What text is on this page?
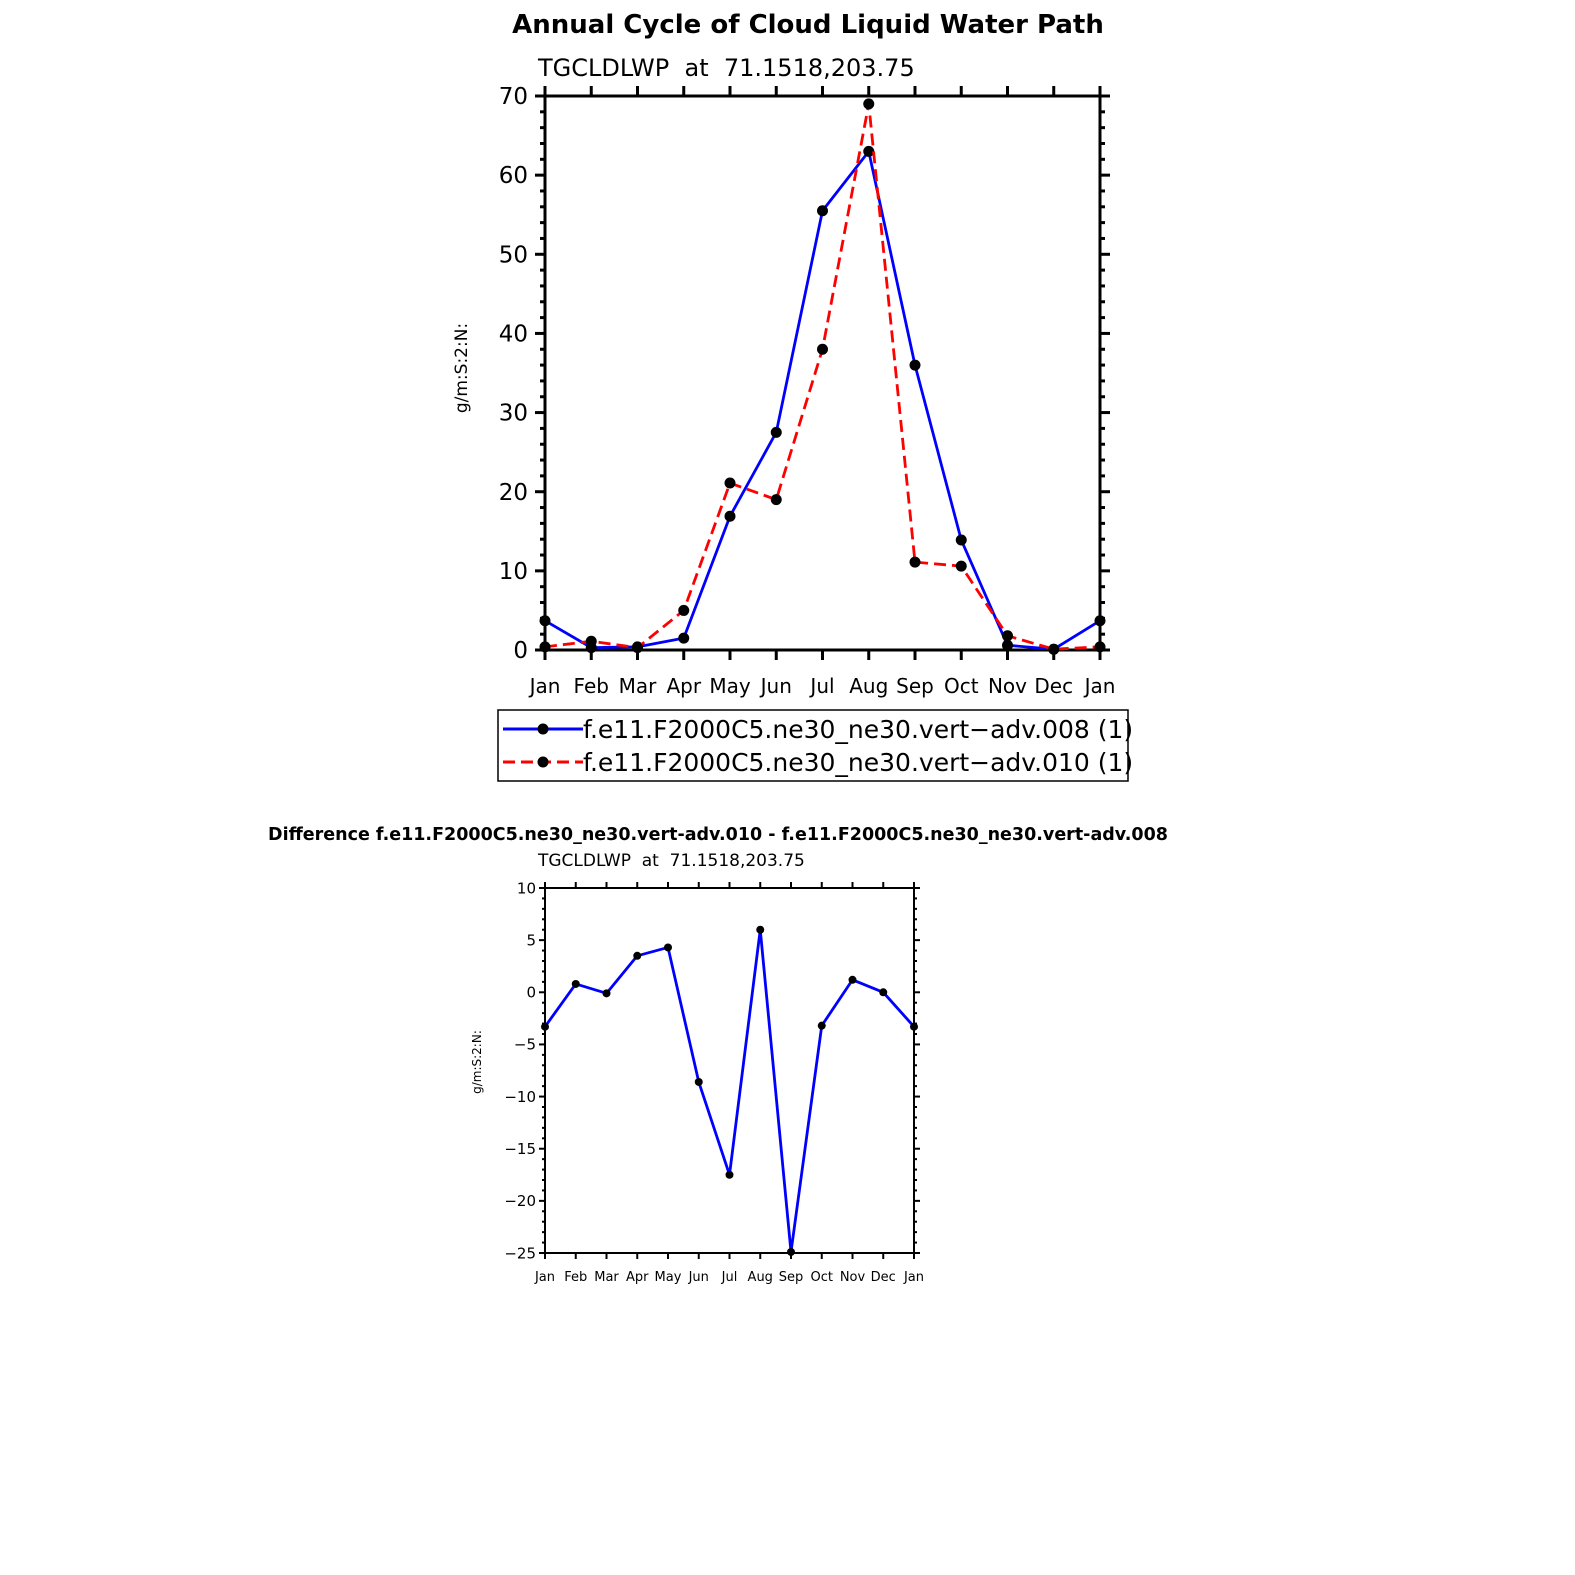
Annual Cycle of Cloud Liquid Water Path
TGCLDLWP  at  71.1518,203.75
g/m:S:2:N:
Jan Feb Mar Apr May Jun Jul Aug Sep Oct Nov Dec Jan
0
10
20
30
40
50
60
70
f.e11.F2000C5.ne30_ne30.vert−adv.008 (1)
f.e11.F2000C5.ne30_ne30.vert−adv.010 (1)
Difference f.e11.F2000C5.ne30_ne30.vert-adv.010 - f.e11.F2000C5.ne30_ne30.vert-adv.008
TGCLDLWP  at  71.1518,203.75
g/m:S:2:N:
Jan Feb Mar Apr May Jun Jul Aug Sep Oct Nov Dec Jan
−25
−20
−15
−10
−5
0
5
10
